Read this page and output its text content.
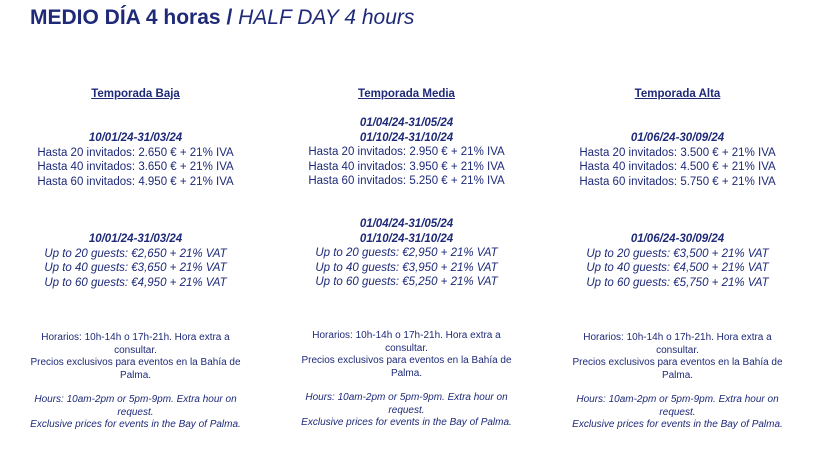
MEDIO DÍA 4 horas / HALF DAY 4 hours
Temporada Baja
10/01/24-31/03/24
Hasta 20 invitados: 2.650 € + 21% IVA
Hasta 40 invitados: 3.650 € + 21% IVA
Hasta 60 invitados: 4.950 € + 21% IVA
10/01/24-31/03/24
Up to 20 guests: €2,650 + 21% VAT
Up to 40 guests: €3,650 + 21% VAT
Up to 60 guests: €4,950 + 21% VAT
Horarios: 10h-14h o 17h-21h. Hora extra a
consultar.
Precios exclusivos para eventos en la Bahía de
Palma.
Hours: 10am-2pm or 5pm-9pm. Extra hour on
request.
Exclusive prices for events in the Bay of Palma.
Temporada Media
01/04/24-31/05/24
01/10/24-31/10/24
Hasta 20 invitados: 2.950 € + 21% IVA
Hasta 40 invitados: 3.950 € + 21% IVA
Hasta 60 invitados: 5.250 € + 21% IVA
01/04/24-31/05/24
01/10/24-31/10/24
Up to 20 guests: €2,950 + 21% VAT
Up to 40 guests: €3,950 + 21% VAT
Up to 60 guests: €5,250 + 21% VAT
Horarios: 10h-14h o 17h-21h. Hora extra a
consultar.
Precios exclusivos para eventos en la Bahía de
Palma.
Hours: 10am-2pm or 5pm-9pm. Extra hour on
request.
Exclusive prices for events in the Bay of Palma.
Temporada Alta
01/06/24-30/09/24
Hasta 20 invitados: 3.500 € + 21% IVA
Hasta 40 invitados: 4.500 € + 21% IVA
Hasta 60 invitados: 5.750 € + 21% IVA
01/06/24-30/09/24
Up to 20 guests: €3,500 + 21% VAT
Up to 40 guests: €4,500 + 21% VAT
Up to 60 guests: €5,750 + 21% VAT
Horarios: 10h-14h o 17h-21h. Hora extra a
consultar.
Precios exclusivos para eventos en la Bahía de
Palma.
Hours: 10am-2pm or 5pm-9pm. Extra hour on
request.
Exclusive prices for events in the Bay of Palma.
